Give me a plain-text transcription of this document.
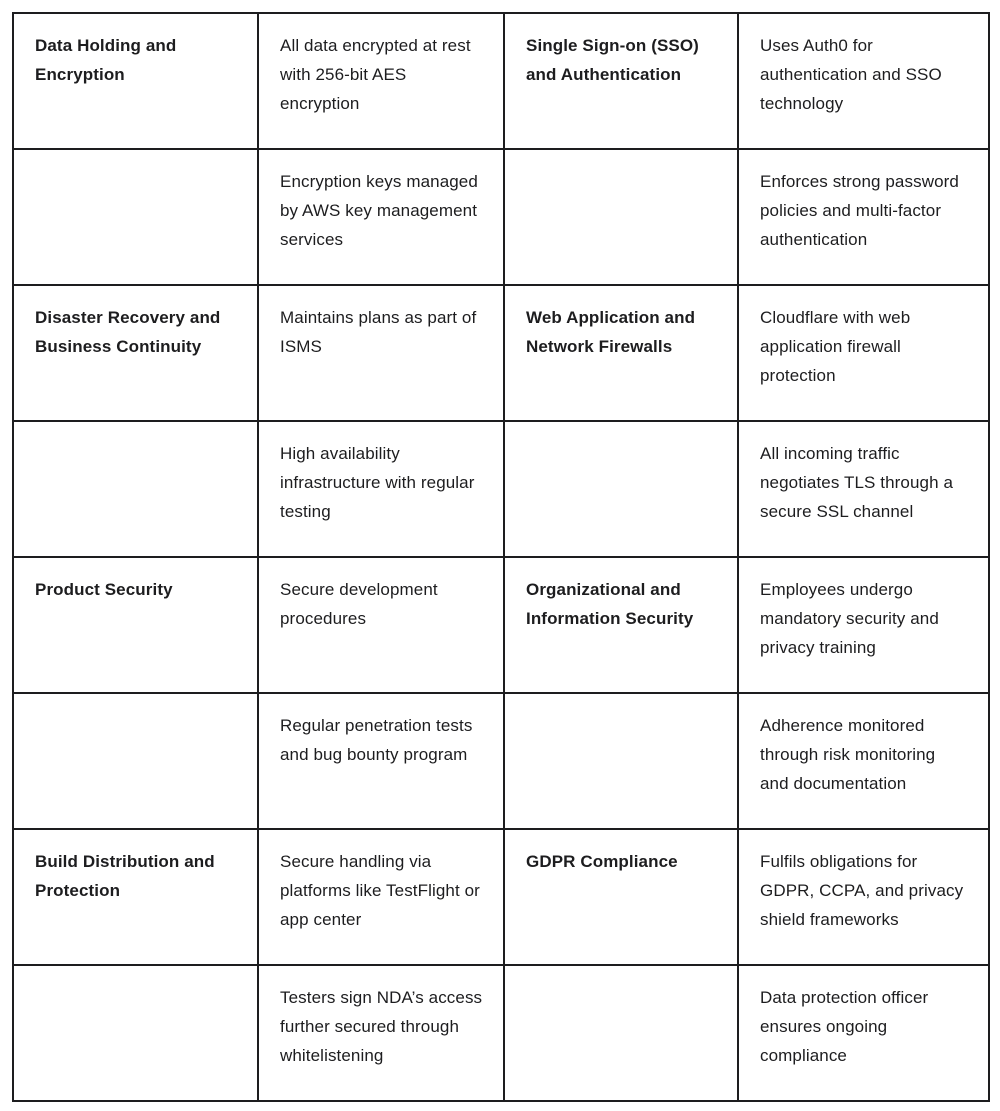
Data Holding and Encryption	All data encrypted at rest with 256-bit AES encryption	Single Sign-on (SSO) and Authentication	Uses Auth0 for authentication and SSO technology
	Encryption keys managed by AWS key management services		Enforces strong password policies and multi-factor authentication
Disaster Recovery and Business Continuity	Maintains plans as part of ISMS	Web Application and Network Firewalls	Cloudflare with web application firewall protection
	High availability infrastructure with regular testing		All incoming traffic negotiates TLS through a secure SSL channel
Product Security	Secure development procedures	Organizational and Information Security	Employees undergo mandatory security and privacy training
	Regular penetration tests and bug bounty program		Adherence monitored through risk monitoring and documentation
Build Distribution and Protection	Secure handling via platforms like TestFlight or app center	GDPR Compliance	Fulfils obligations for GDPR, CCPA, and privacy shield frameworks
	Testers sign NDA’s access further secured through whitelistening		Data protection officer ensures ongoing compliance
